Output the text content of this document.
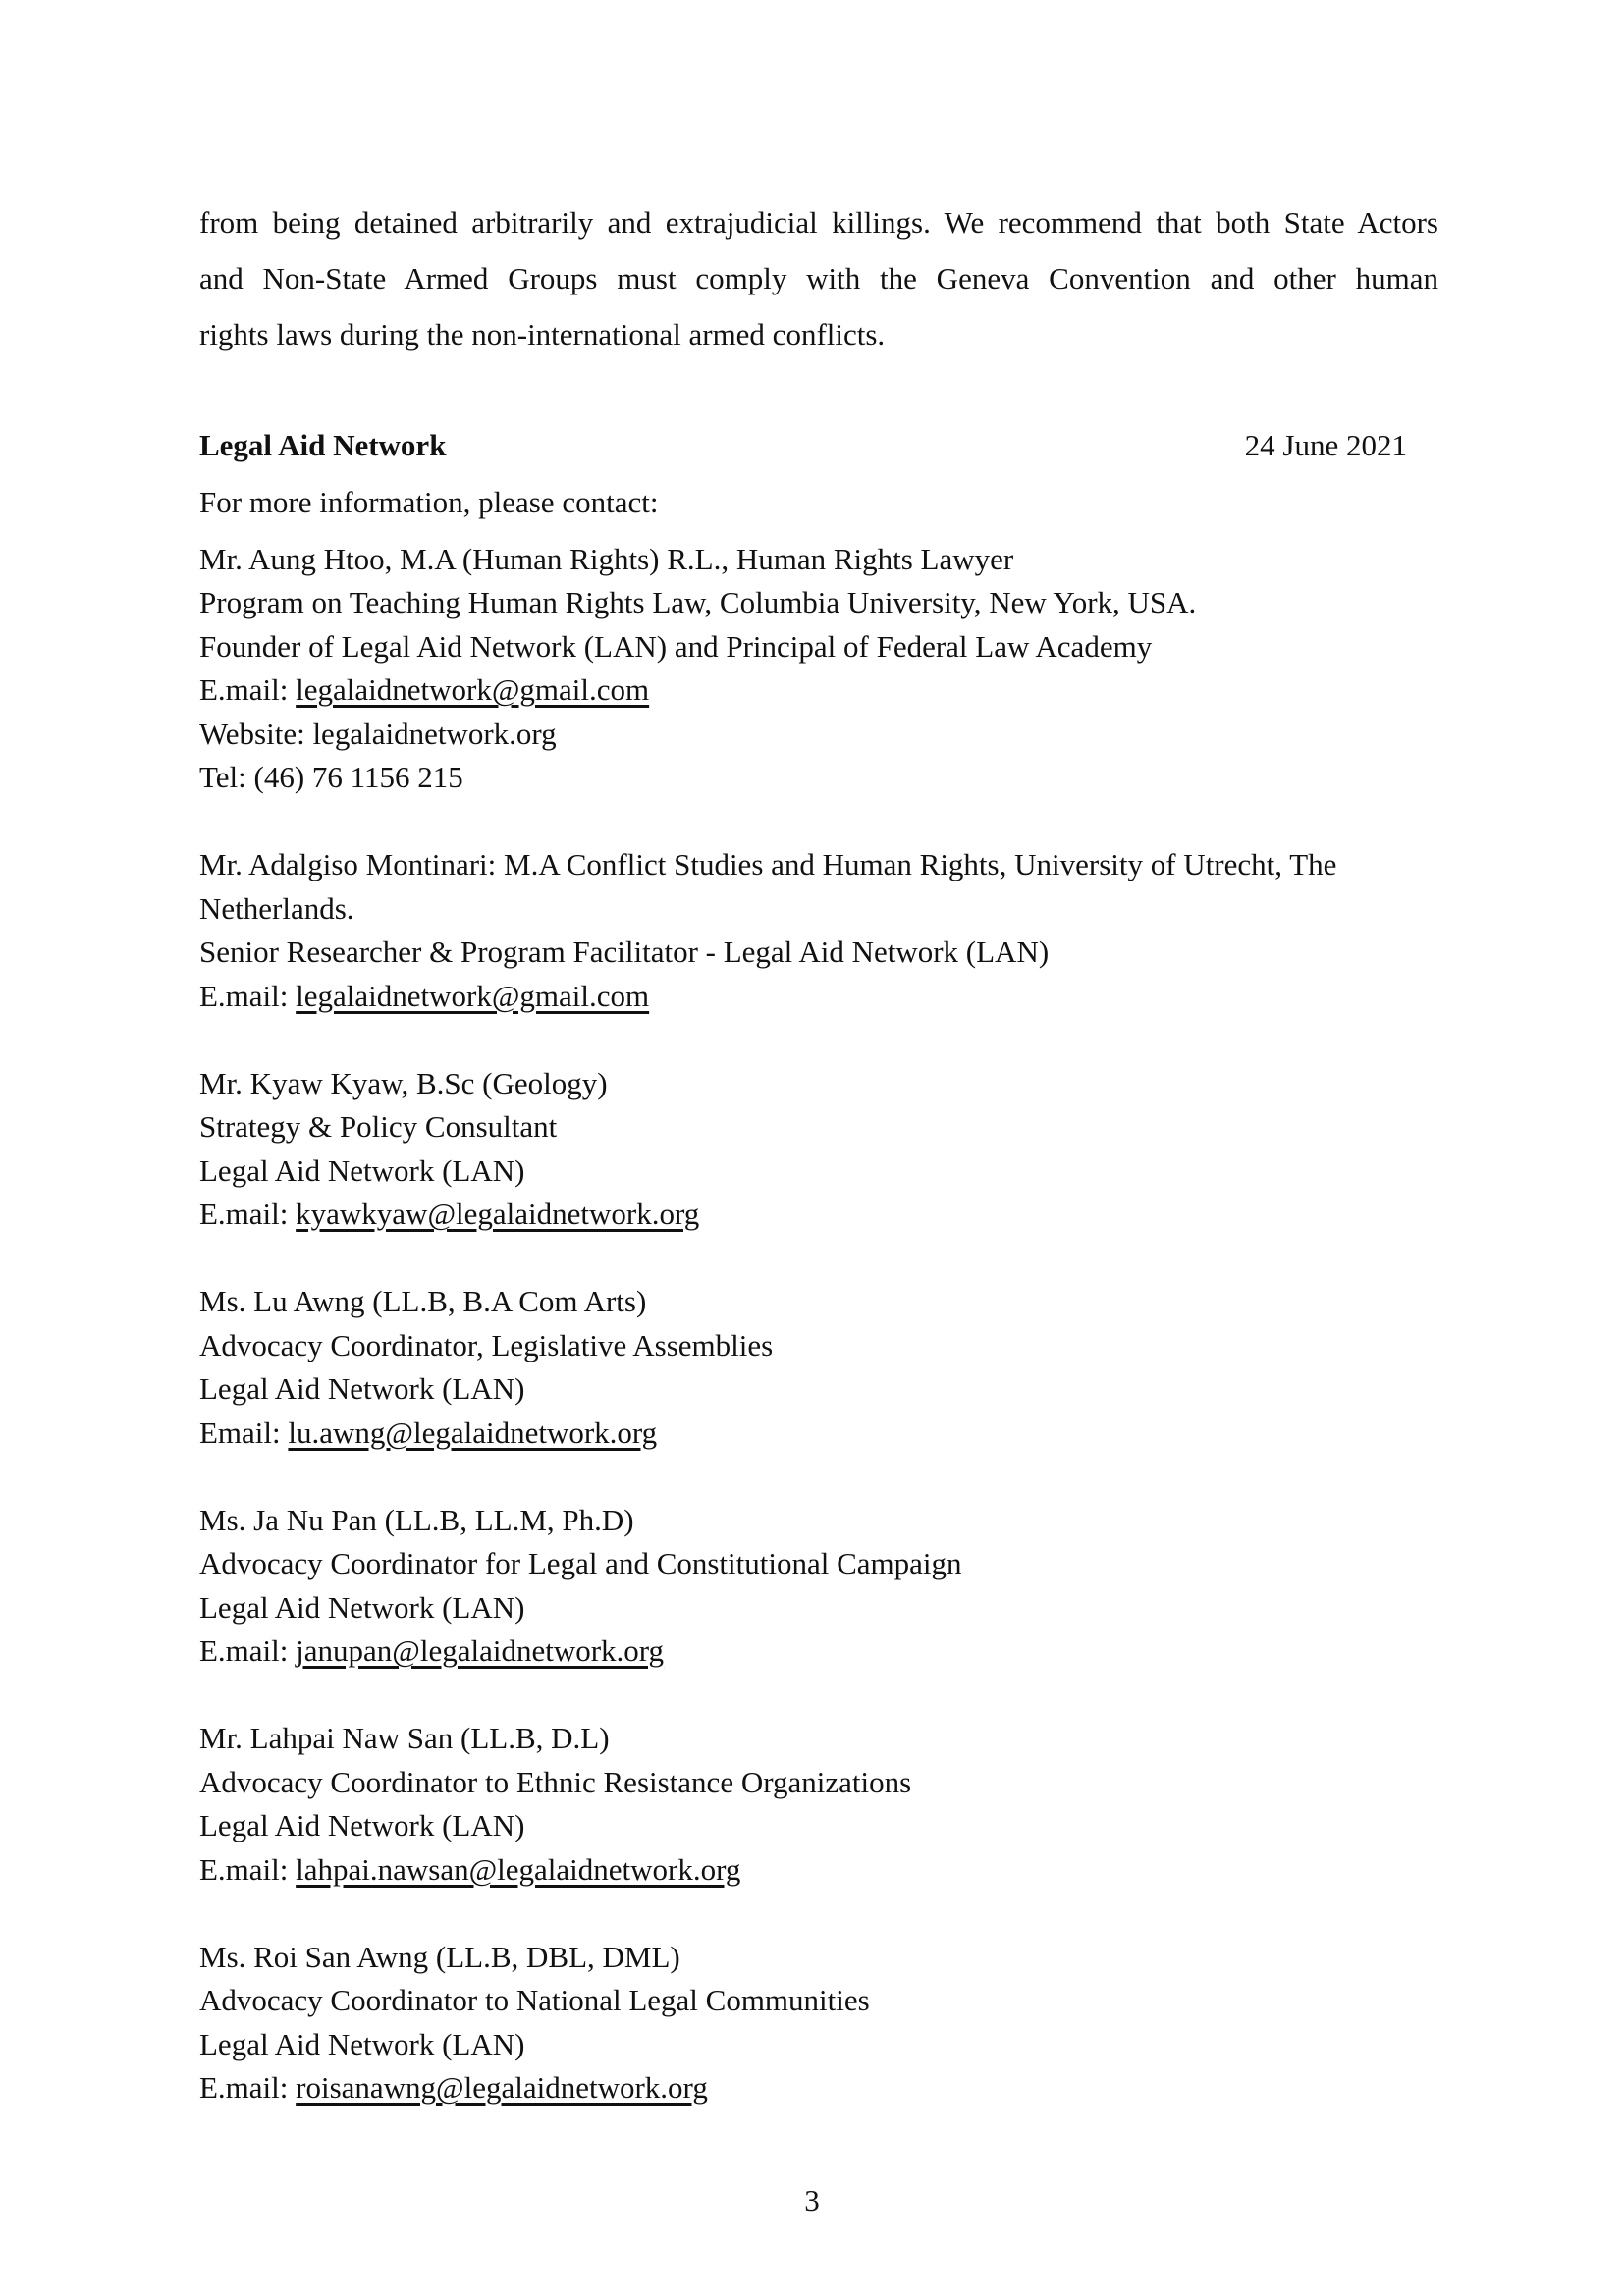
from being detained arbitrarily and extrajudicial killings. We recommend that both State Actors
and Non-State Armed Groups must comply with the Geneva Convention and other human
rights laws during the non-international armed conflicts.
Legal Aid Network	24 June 2021
For more information, please contact:
Mr. Aung Htoo, M.A (Human Rights) R.L., Human Rights Lawyer
Program on Teaching Human Rights Law, Columbia University, New York, USA.
Founder of Legal Aid Network (LAN) and Principal of Federal Law Academy
E.mail: legalaidnetwork@gmail.com
Website: legalaidnetwork.org
Tel: (46) 76 1156 215
Mr. Adalgiso Montinari: M.A Conflict Studies and Human Rights, University of Utrecht, The
Netherlands.
Senior Researcher & Program Facilitator - Legal Aid Network (LAN)
E.mail: legalaidnetwork@gmail.com
Mr. Kyaw Kyaw, B.Sc (Geology)
Strategy & Policy Consultant
Legal Aid Network (LAN)
E.mail: kyawkyaw@legalaidnetwork.org
Ms. Lu Awng (LL.B, B.A Com Arts)
Advocacy Coordinator, Legislative Assemblies
Legal Aid Network (LAN)
Email: lu.awng@legalaidnetwork.org
Ms. Ja Nu Pan (LL.B, LL.M, Ph.D)
Advocacy Coordinator for Legal and Constitutional Campaign
Legal Aid Network (LAN)
E.mail: janupan@legalaidnetwork.org
Mr. Lahpai Naw San (LL.B, D.L)
Advocacy Coordinator to Ethnic Resistance Organizations
Legal Aid Network (LAN)
E.mail: lahpai.nawsan@legalaidnetwork.org
Ms. Roi San Awng (LL.B, DBL, DML)
Advocacy Coordinator to National Legal Communities
Legal Aid Network (LAN)
E.mail: roisanawng@legalaidnetwork.org
3
